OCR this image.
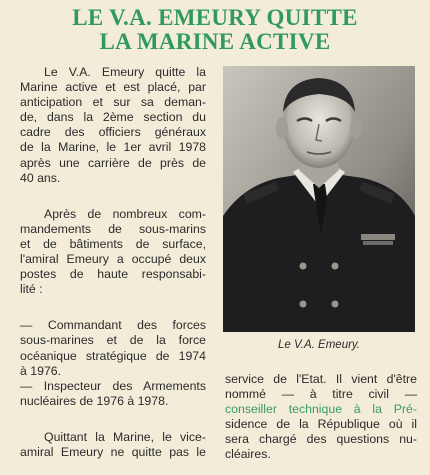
LE V.A. EMEURY QUITTE
LA MARINE ACTIVE

Le V.A. Emeury quitte la

Marine active et est placé, par

anticipation et sur sa deman-

de, dans la 2ème section du

cadre des officiers généraux

de la Marine, le 1er avril 1978

après une carrière de près de

40 ans.

Après de nombreux com-

mandements de sous-marins

et de bâtiments de surface,

l'amiral Emeury a occupé deux

postes de haute responsabi-

lité :

— Commandant des forces

sous-marines et de la force

océanique stratégique de 1974

à 1976.

— Inspecteur des Armements

nucléaires de 1976 à 1978.

Quittant la Marine, le vice-

amiral Emeury ne quitte pas le

Le V.A. Emeury.

service de l'Etat. Il vient d'être

nommé — à titre civil —

conseiller technique à la Pré-

sidence de la République où il

sera chargé des questions nu-

cléaires.
